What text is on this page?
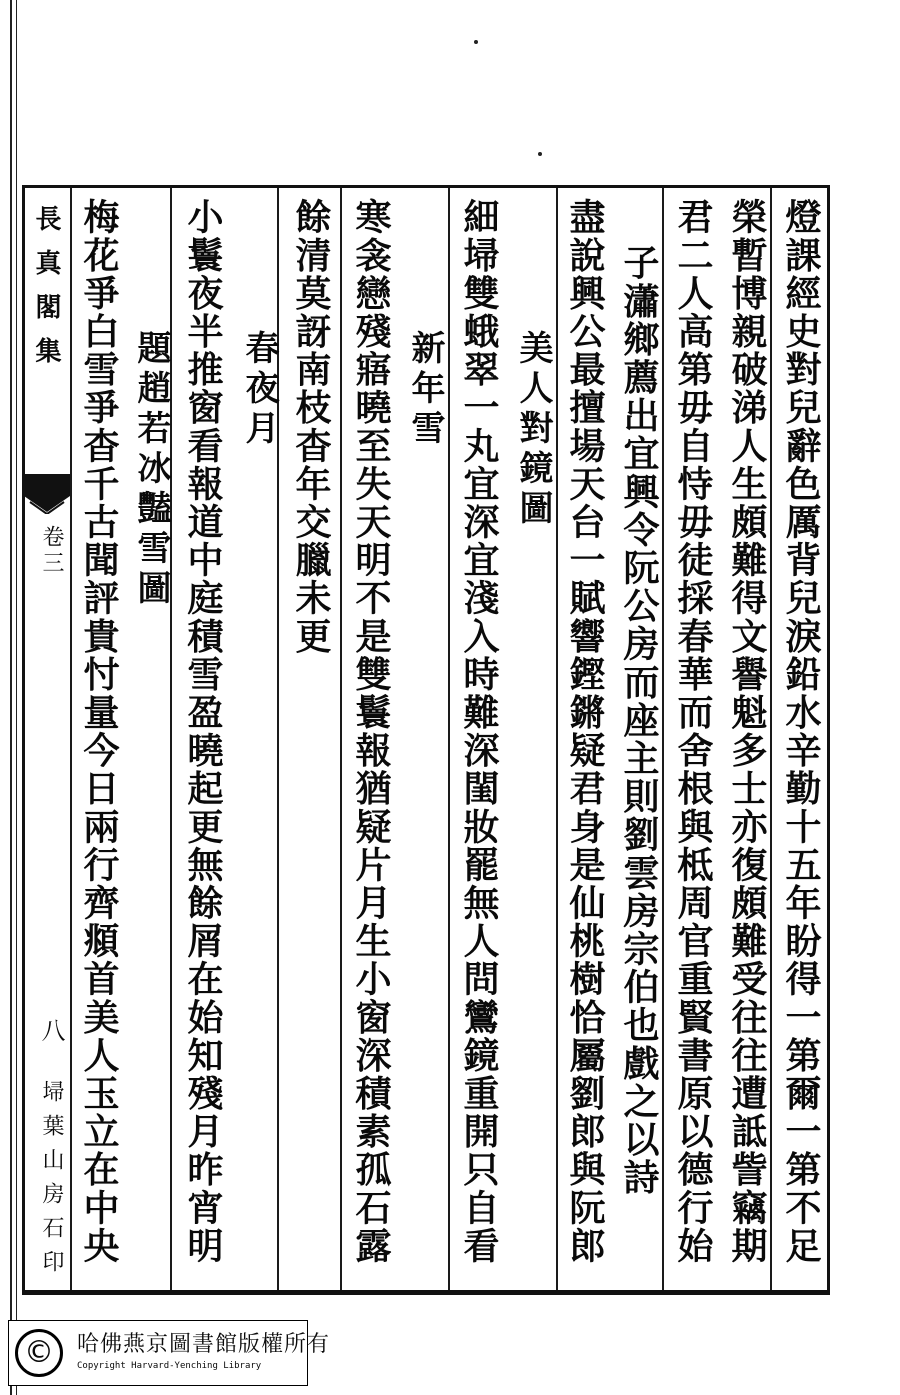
長真閣集
卷三
八
埽葉山房石印	燈課經史對兒辭色厲背兒淚鉛水辛勤十五年盼得一第爾一第不足
榮暫博親破涕人生頗難得文譽魁多士亦復頗難受往往遭詆訾竊期
君二人高第毋自恃毋徒採春華而舍根與柢周官重賢書原以德行始
子瀟鄉薦出宜興令阮公房而座主則劉雲房宗伯也戲之以詩
盡說興公最擅場天台一賦響鏗鏘疑君身是仙桃樹恰屬劉郎與阮郎
美人對鏡圖
細埽雙蛾翠一丸宜深宜淺入時難深閨妝罷無人問鸞鏡重開只自看
新年雪
寒衾戀殘寤曉至失天明不是雙鬟報猶疑片月生小窗深積素孤石露
餘清莫訝南枝杳年交臘未更
春夜月
小鬟夜半推窗看報道中庭積雪盈曉起更無餘屑在始知殘月昨宵明
題趙若冰豔雪圖
梅花爭白雪爭杳千古聞評貴忖量今日兩行齊頫首美人玉立在中央
©	哈佛燕京圖書館版權所有
Copyright Harvard-Yenching Library
